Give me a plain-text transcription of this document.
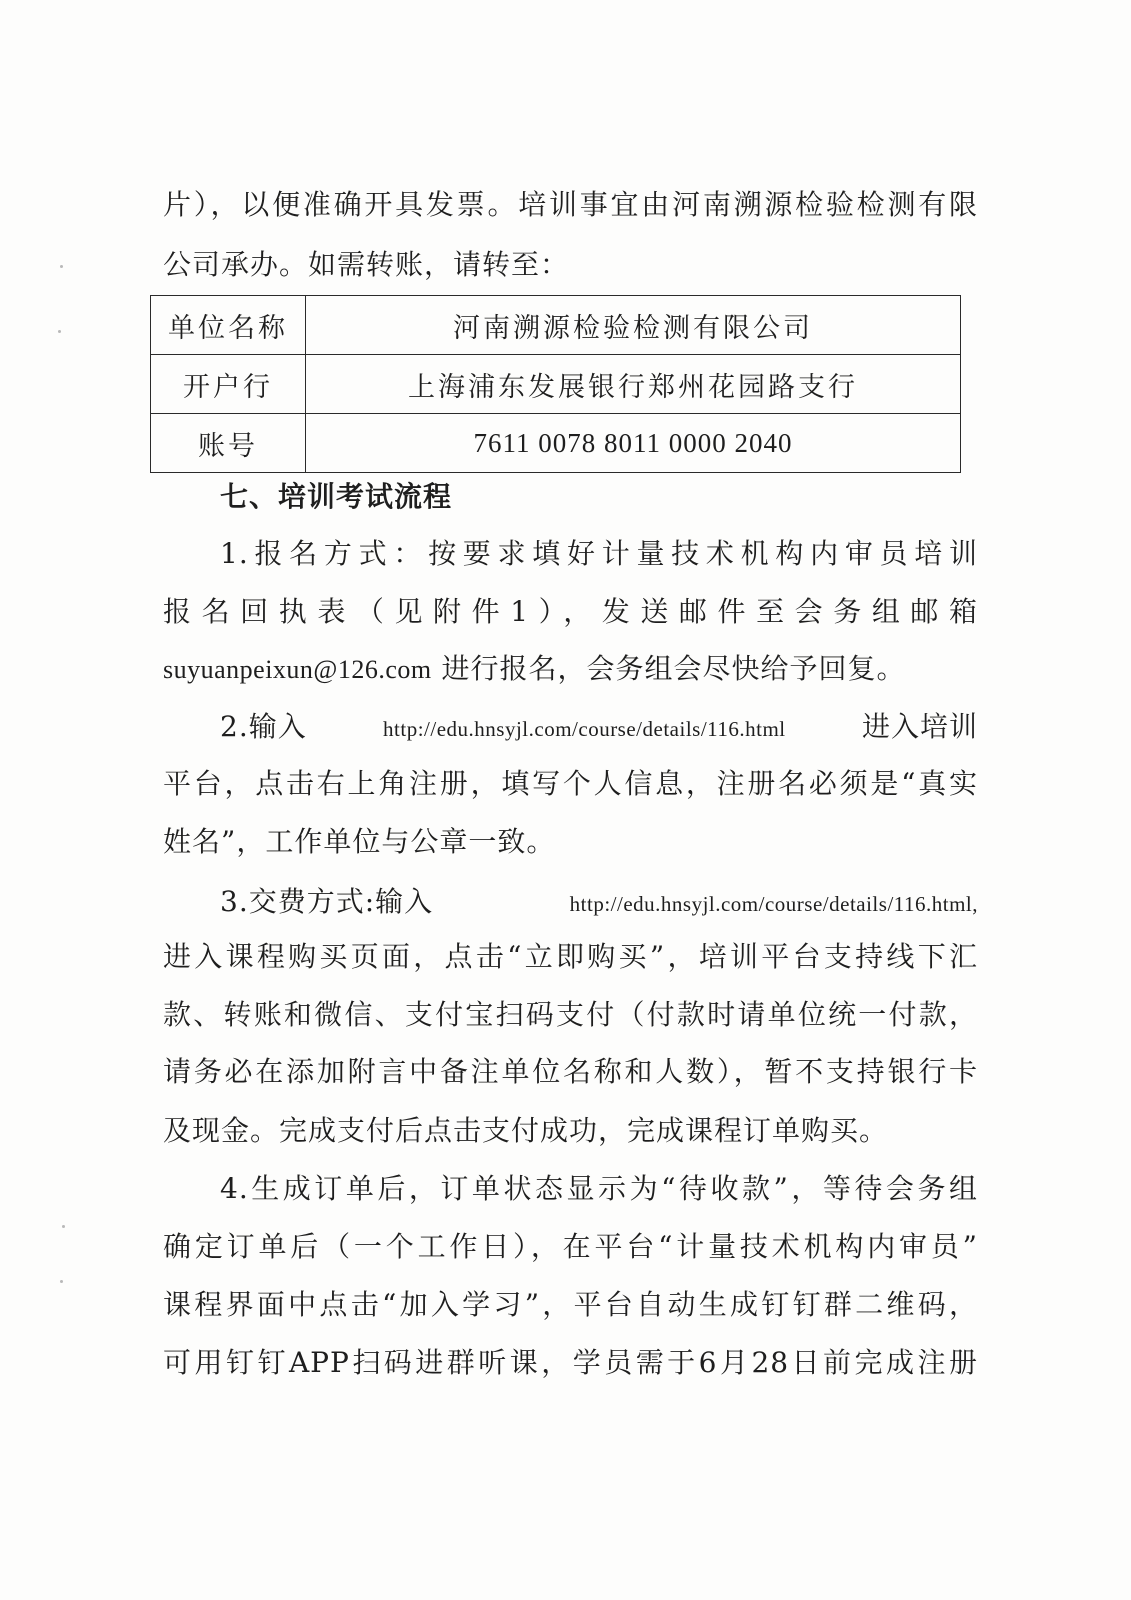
片），以便准确开具发票。培训事宜由河南溯源检验检测有限
公司承办。如需转账，请转至：
单位名称	河南溯源检验检测有限公司
开户行	上海浦东发展银行郑州花园路支行
账号	7611 0078 8011 0000 2040
七、培训考试流程
1.报名方式：按要求填好计量技术机构内审员培训
报名回执表（见附件1），发送邮件至会务组邮箱
suyuanpeixun@126.com 进行报名，会务组会尽快给予回复。
2.输入	http://edu.hnsyjl.com/course/details/116.html	进入培训
平台，点击右上角注册，填写个人信息，注册名必须是“真实
姓名”，工作单位与公章一致。
3.交费方式:输入	http://edu.hnsyjl.com/course/details/116.html,
进入课程购买页面，点击“立即购买”，培训平台支持线下汇
款、转账和微信、支付宝扫码支付（付款时请单位统一付款，
请务必在添加附言中备注单位名称和人数），暂不支持银行卡
及现金。完成支付后点击支付成功，完成课程订单购买。
4.生成订单后，订单状态显示为“待收款”，等待会务组
确定订单后（一个工作日），在平台“计量技术机构内审员”
课程界面中点击“加入学习”，平台自动生成钉钉群二维码，
可用钉钉APP扫码进群听课，学员需于6月28日前完成注册
